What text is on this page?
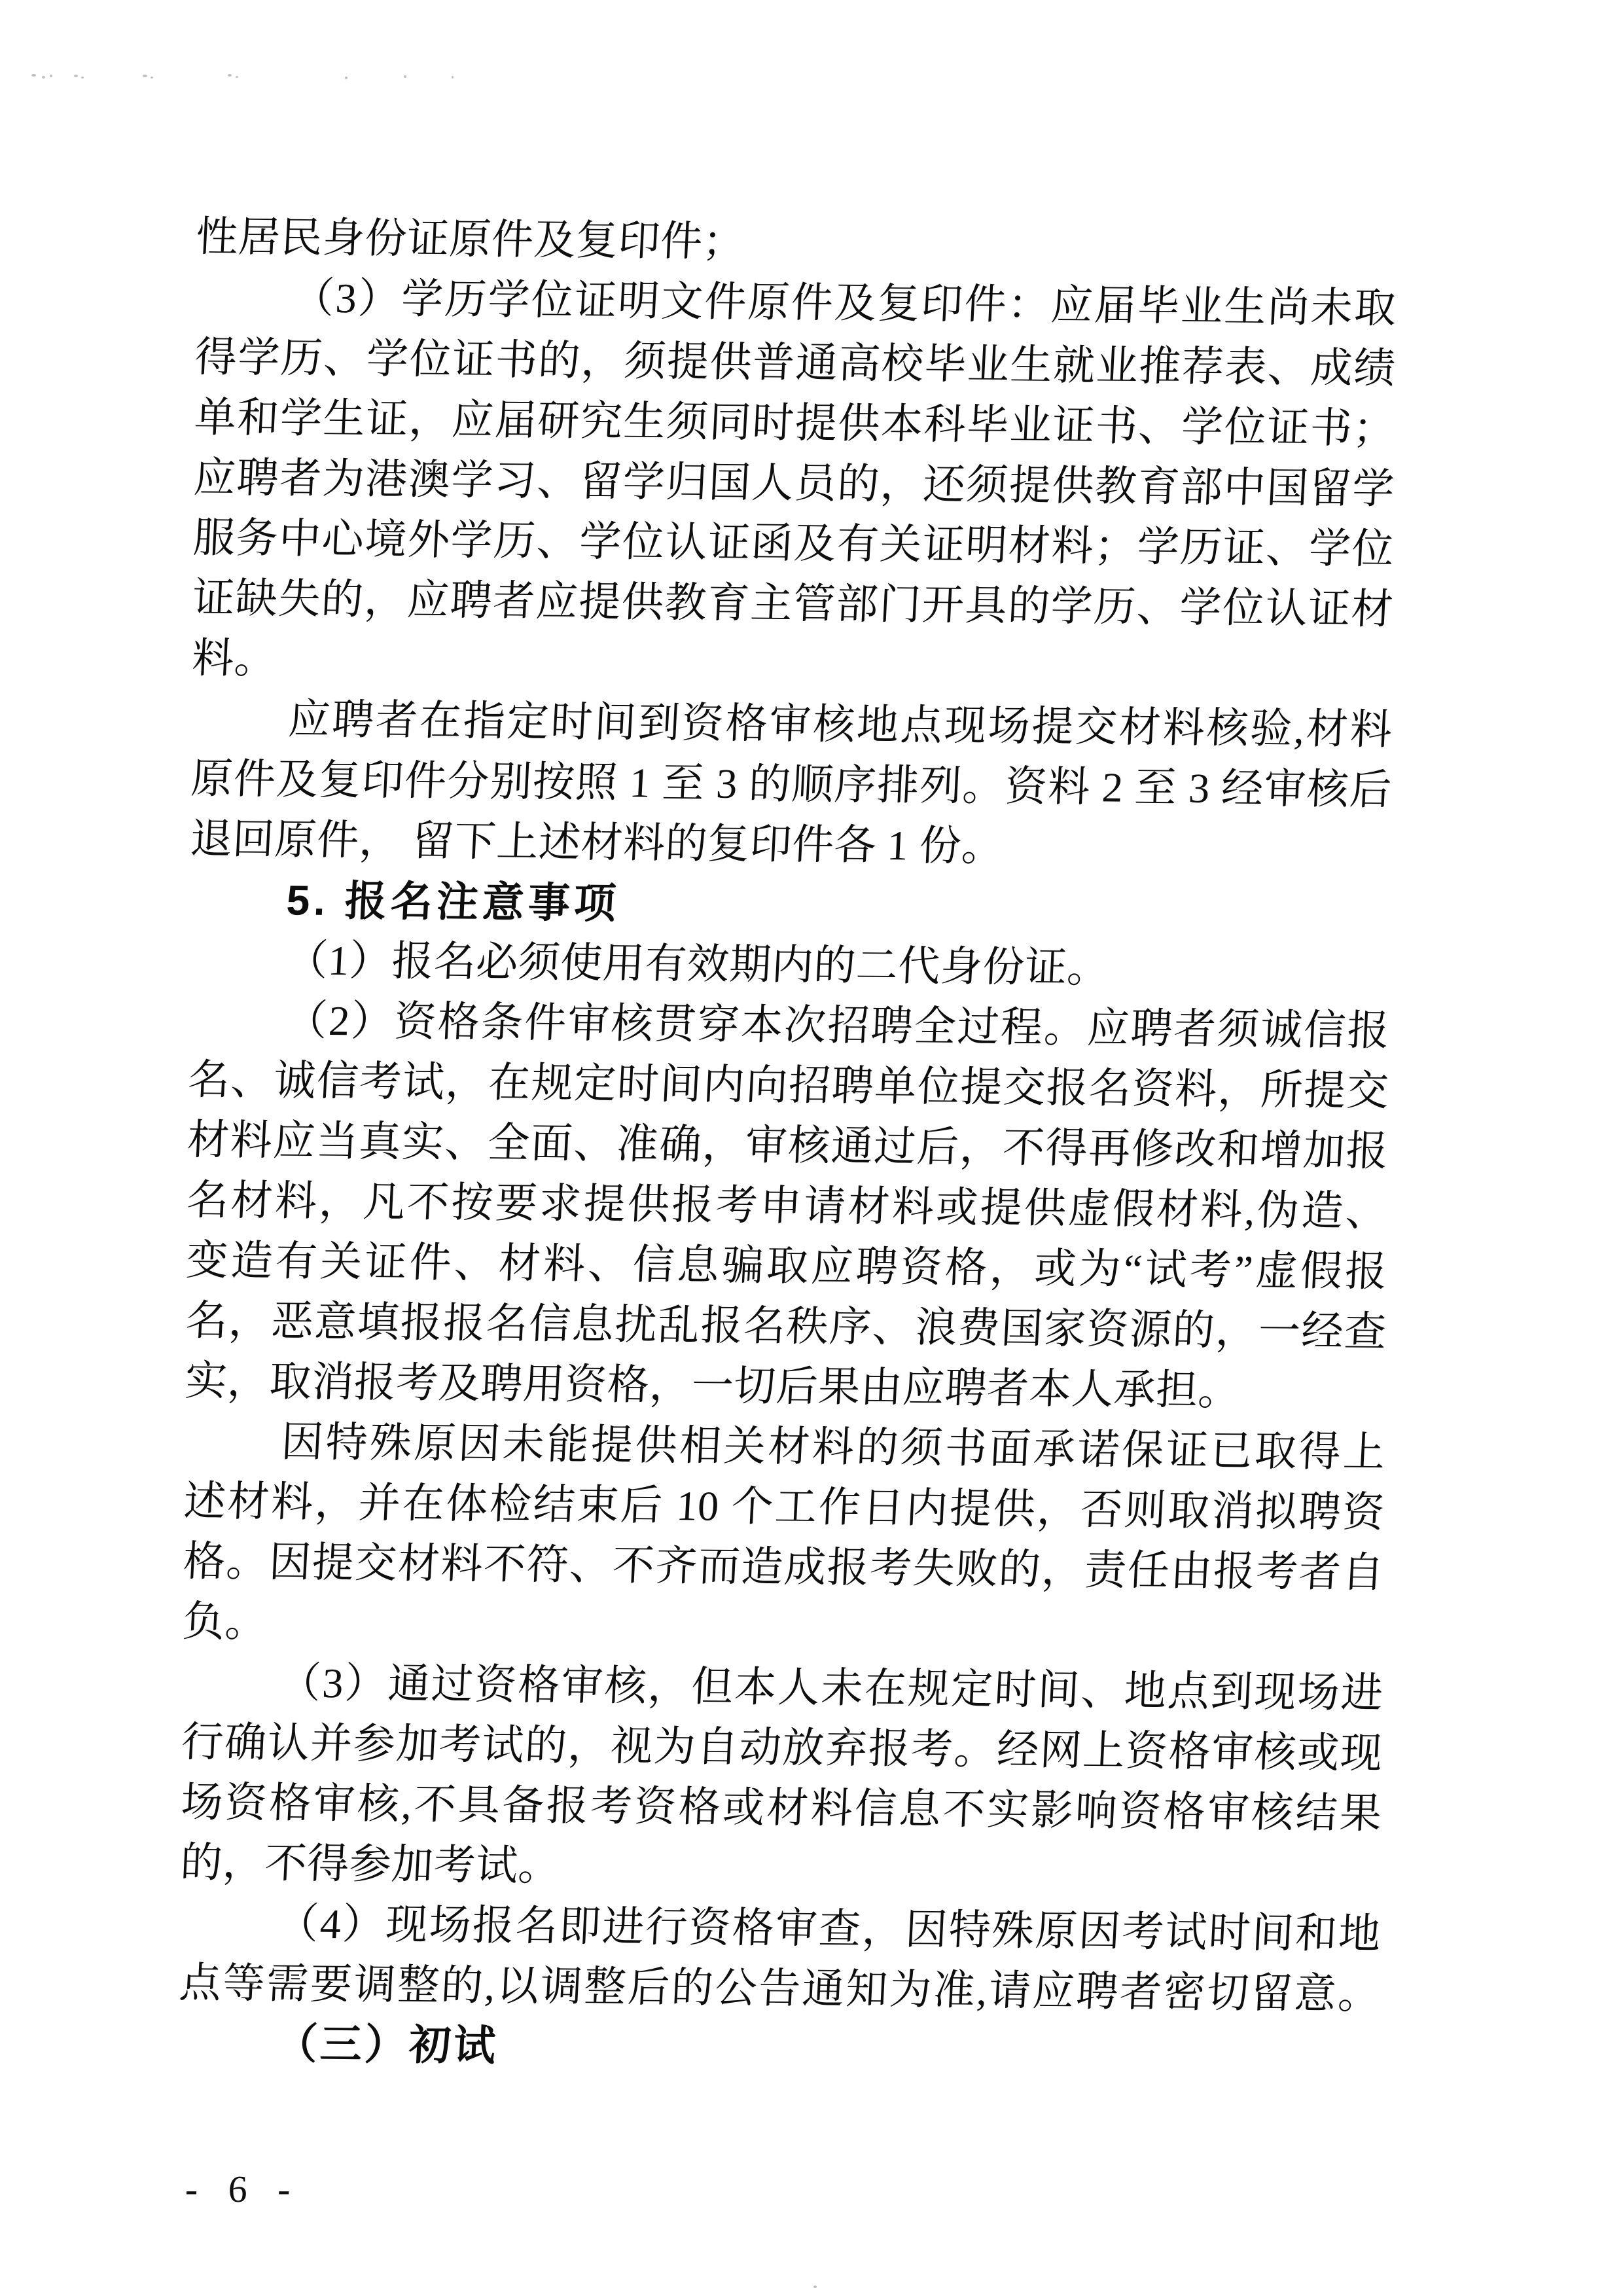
性居民身份证原件及复印件；
（3）学历学位证明文件原件及复印件：应届毕业生尚未取
得学历、学位证书的，须提供普通高校毕业生就业推荐表、成绩
单和学生证，应届研究生须同时提供本科毕业证书、学位证书；
应聘者为港澳学习、留学归国人员的，还须提供教育部中国留学
服务中心境外学历、学位认证函及有关证明材料；学历证、学位
证缺失的，应聘者应提供教育主管部门开具的学历、学位认证材
料。
应聘者在指定时间到资格审核地点现场提交材料核验,材料
原件及复印件分别按照 1 至 3 的顺序排列。资料 2 至 3 经审核后
退回原件， 留下上述材料的复印件各 1 份。
5. 报名注意事项
（1）报名必须使用有效期内的二代身份证。
（2）资格条件审核贯穿本次招聘全过程。应聘者须诚信报
名、诚信考试，在规定时间内向招聘单位提交报名资料，所提交
材料应当真实、全面、准确，审核通过后，不得再修改和增加报
名材料，凡不按要求提供报考申请材料或提供虚假材料,伪造、
变造有关证件、材料、信息骗取应聘资格，或为“试考”虚假报
名，恶意填报报名信息扰乱报名秩序、浪费国家资源的，一经查
实，取消报考及聘用资格，一切后果由应聘者本人承担。
因特殊原因未能提供相关材料的须书面承诺保证已取得上
述材料，并在体检结束后 10 个工作日内提供，否则取消拟聘资
格。因提交材料不符、不齐而造成报考失败的，责任由报考者自
负。
（3）通过资格审核，但本人未在规定时间、地点到现场进
行确认并参加考试的，视为自动放弃报考。经网上资格审核或现
场资格审核,不具备报考资格或材料信息不实影响资格审核结果
的，不得参加考试。
（4）现场报名即进行资格审查，因特殊原因考试时间和地
点等需要调整的,以调整后的公告通知为准,请应聘者密切留意。
（三）初试
- 6 -
